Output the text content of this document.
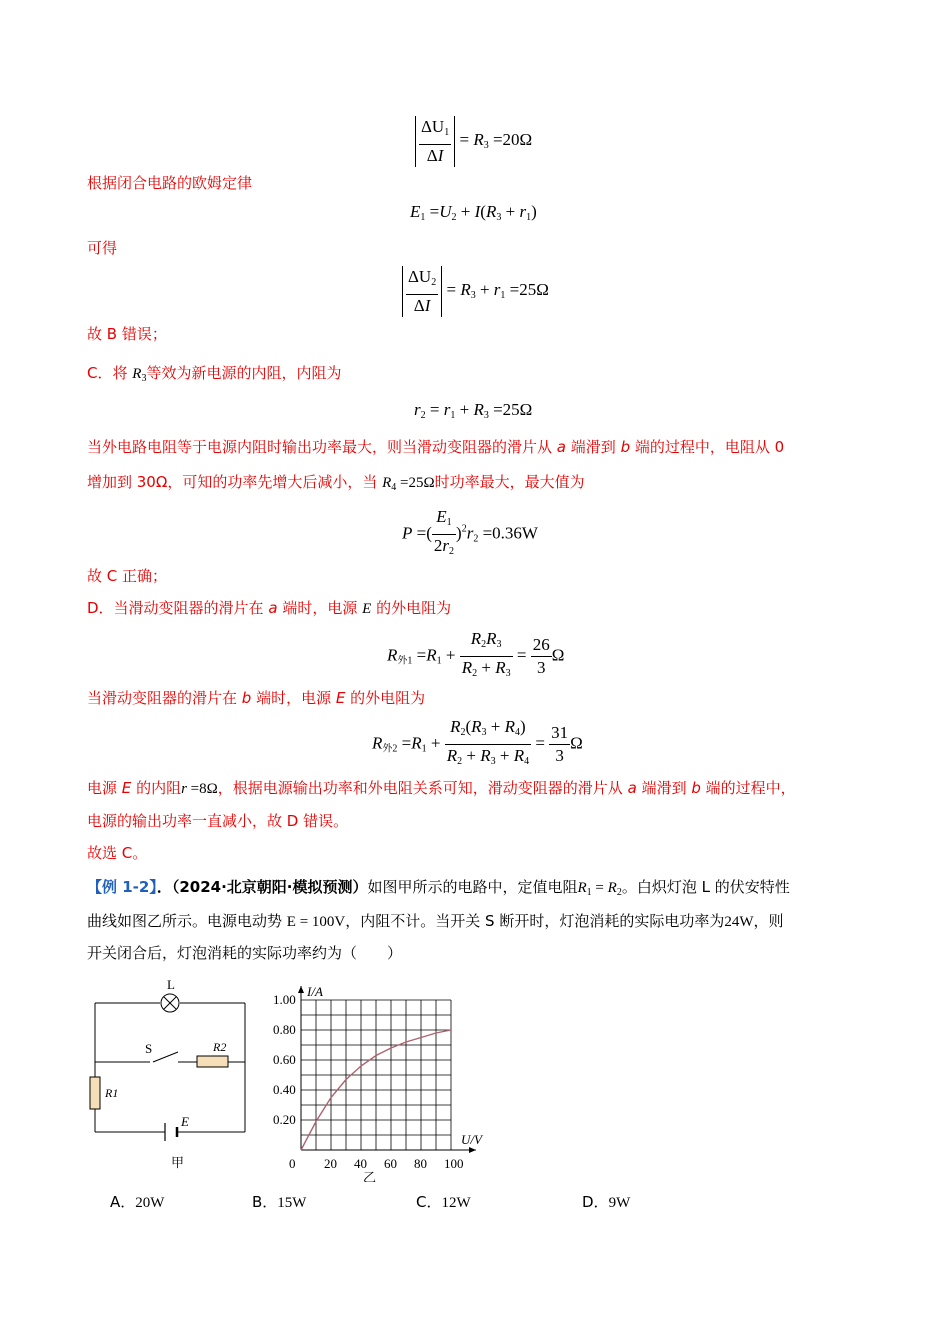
$\frac{\Delta U_1}{\Delta I} = R_3 =20\Omega$
根据闭合电路的欧姆定律
$E_1 =U_2 + I(R_3 + r_1)$
可得
$\frac{\Delta U_2}{\Delta I} = R_3 + r_1 =25\Omega$
故 B 错误；
C．将 $R_3$等效为新电源的内阻，内阻为
$r_2 = r_1 + R_3 =25\Omega$
当外电路电阻等于电源内阻时输出功率最大，则当滑动变阻器的滑片从 a 端滑到 b 端的过程中，电阻从 0
增加到 30Ω，可知的功率先增大后减小，当 $R_4 =25\Omega$时功率最大，最大值为
P =( $\frac{E_1}{2r_2} )^2r_2 =0.36W$
故 C 正确；
D．当滑动变阻器的滑片在 a 端时，电源 E 的外电阻为
$R_{外1} =R_1 + \frac{R_2R_3}{R_2 + R_3} = \frac{26}{3}$ Ω
当滑动变阻器的滑片在 b 端时，电源 E 的外电阻为
$R_{外2} =R_1 + \frac{R_2(R_3 + R_4)}{R_2 + R_3 + R_4} = \frac{31}{3}$ Ω
电源 E 的内阻r =8Ω，根据电源输出功率和外电阻关系可知，滑动变阻器的滑片从 a 端滑到 b 端的过程中，
电源的输出功率一直减小，故 D 错误。
故选 C。
【例 1-2】．（2024·北京朝阳·模拟预测）如图甲所示的电路中，定值电阻$R_1 = R_2$。白炽灯泡 L 的伏安特性
曲线如图乙所示。电源电动势 E = 100V，内阻不计。当开关 S 断开时，灯泡消耗的实际电功率为24W，则
开关闭合后，灯泡消耗的实际功率约为（　　）
L
S	R2
R1
E
甲	0 20 40 60 80 100
0.20
0.40
0.60
0.80
1.00
U/V
I/A
乙
A．20W	B．15W	C．12W	D．9W
